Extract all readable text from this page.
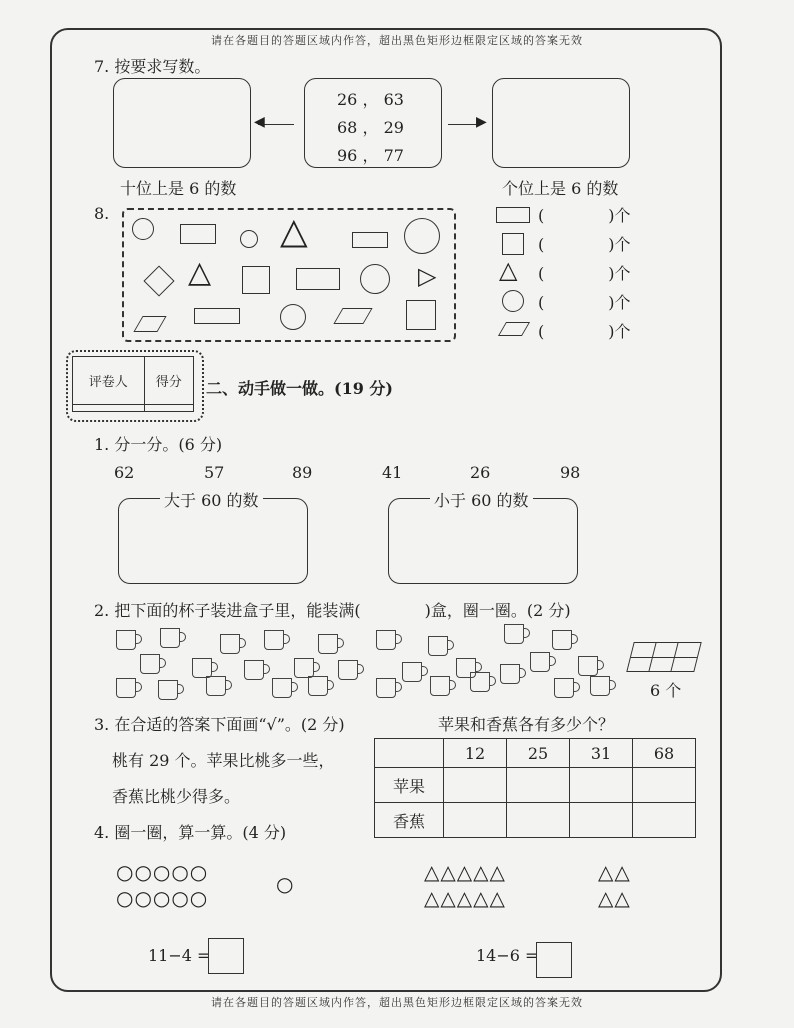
请在各题目的答题区域内作答，超出黑色矩形边框限定区域的答案无效
7. 按要求写数。
◀
26 ， 63
68 ， 29
96 ， 77
▶
十位上是 6 的数	个位上是 6 的数
8.	△
△	▷
(　　　　)个
(　　　　)个
△ (　　　　)个
(　　　　)个
(　　　　)个
评卷人	得分
	二、动手做一做。(19 分)
1. 分一分。(6 分)
62	57	89	41	26	98
大于 60 的数	小于 60 的数
2. 把下面的杯子装进盒子里，能装满(　　　　)盒，圈一圈。(2 分)
6 个
3. 在合适的答案下面画“√”。(2 分)	苹果和香蕉各有多少个？
桃有 29 个。苹果比桃多一些，
香蕉比桃少得多。
	12	25	31	68
苹果				
香蕉				
4. 圈一圈，算一算。(4 分)
○○○○○
○○○○○
○	△△△△△
△△△△△
△△
△△
11−4 =	14−6 =
请在各题目的答题区域内作答，超出黑色矩形边框限定区域的答案无效
